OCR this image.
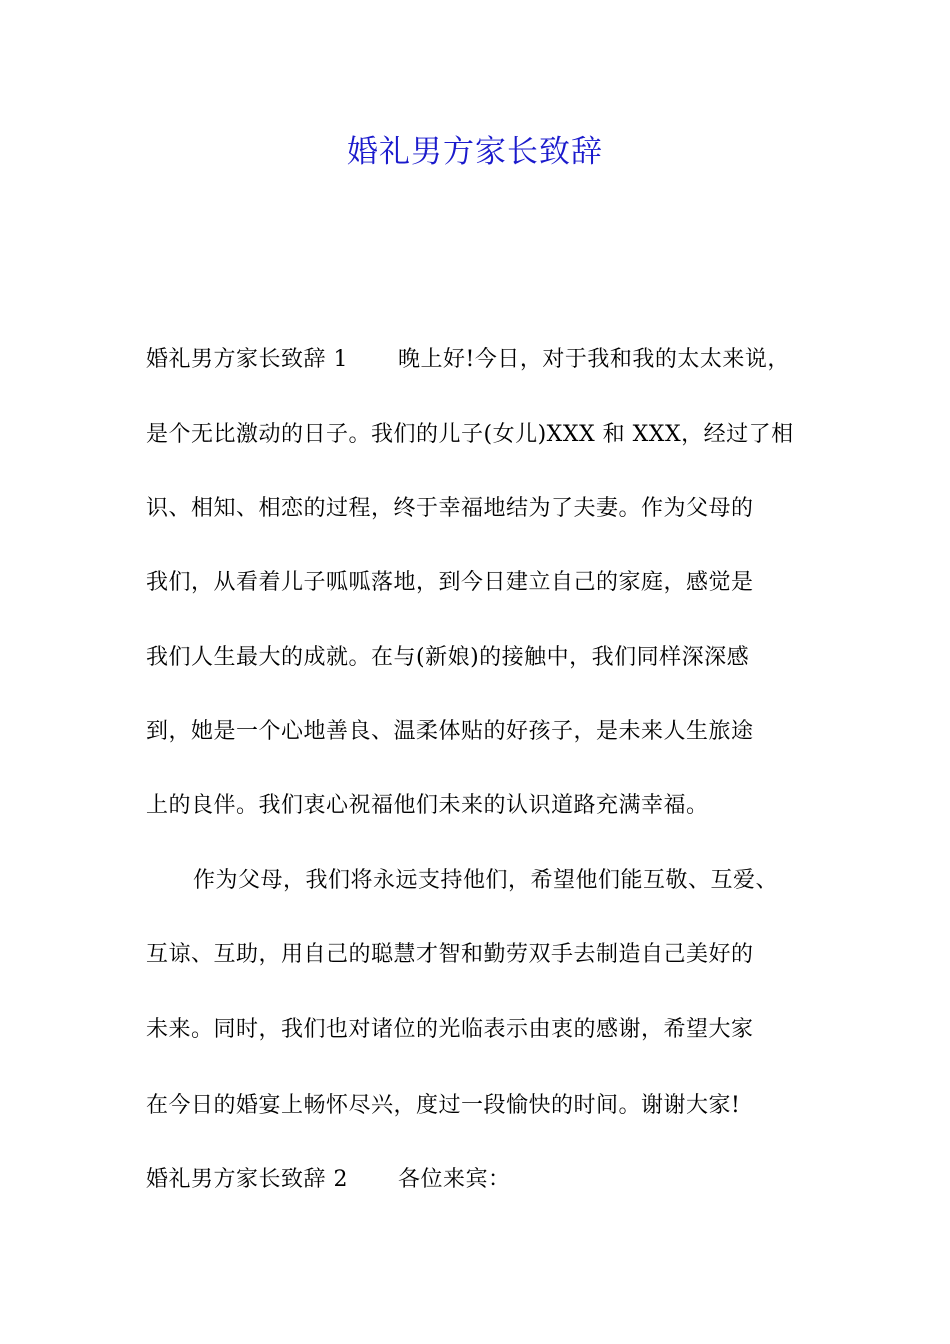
婚礼男方家长致辞
婚礼男方家长致辞 1 晚上好!今日，对于我和我的太太来说，
是个无比激动的日子。我们的儿子(女儿)XXX 和 XXX，经过了相
识、相知、相恋的过程，终于幸福地结为了夫妻。作为父母的
我们，从看着儿子呱呱落地，到今日建立自己的家庭，感觉是
我们人生最大的成就。在与(新娘)的接触中，我们同样深深感
到，她是一个心地善良、温柔体贴的好孩子，是未来人生旅途
上的良伴。我们衷心祝福他们未来的认识道路充满幸福。
作为父母，我们将永远支持他们，希望他们能互敬、互爱、
互谅、互助，用自己的聪慧才智和勤劳双手去制造自己美好的
未来。同时，我们也对诸位的光临表示由衷的感谢，希望大家
在今日的婚宴上畅怀尽兴，度过一段愉快的时间。谢谢大家!
婚礼男方家长致辞 2 各位来宾：
